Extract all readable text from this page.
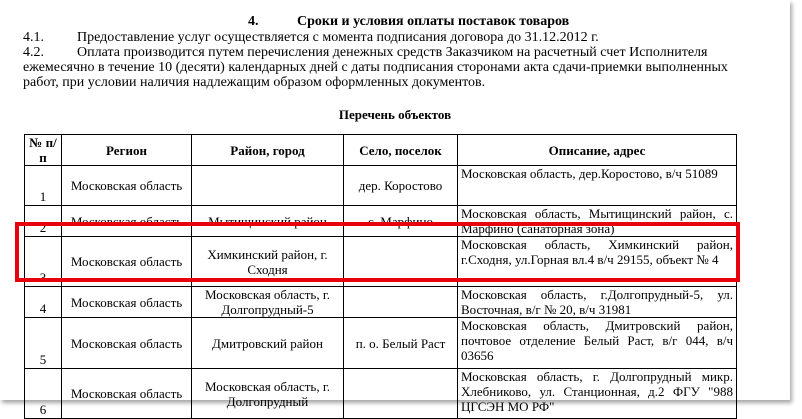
4.	Сроки и условия оплаты поставок товаров
4.1. Предоставление услуг осуществляется с момента подписания договора до 31.12.2012 г.
4.2.	Оплата производится путем перечисления денежных средств Заказчиком на расчетный счет Исполнителя ежемесячно в течение 10 (десяти) календарных дней с даты подписания сторонами акта сдачи-приемки выполненных работ, при условии наличия надлежащим образом оформленных документов.

Перечень объектов
№ п/п	Регион	Район, город	Село, поселок	Описание, адрес
1	Московская область		дер. Коростово	Московская область, дер.Коростово, в/ч 51089
2	Московская область	Мытищинский район	с. Марфино	Московская область, Мытищинский район, с. Марфино (санаторная зона)
3	Московская область	Химкинский район, г. Сходня		Московская область, Химкинский район, г.Сходня, ул.Горная вл.4 в/ч 29155, объект № 4
4	Московская область	Московская область, г. Долгопрудный-5		Московская область, г.Долгопрудный-5, ул. Восточная, в/г № 20, в/ч 31981
5	Московская область	Дмитровский район	п. о. Белый Раст	Московская область, Дмитровский район, почтовое отделение Белый Раст, в/г 044, в/ч 03656
6	Московская область	Московская область, г. Долгопрудный		Московская область, г. Долгопрудный микр. Хлебниково, ул. Станционная, д.2 ФГУ "988 ЦГСЭН МО РФ"
